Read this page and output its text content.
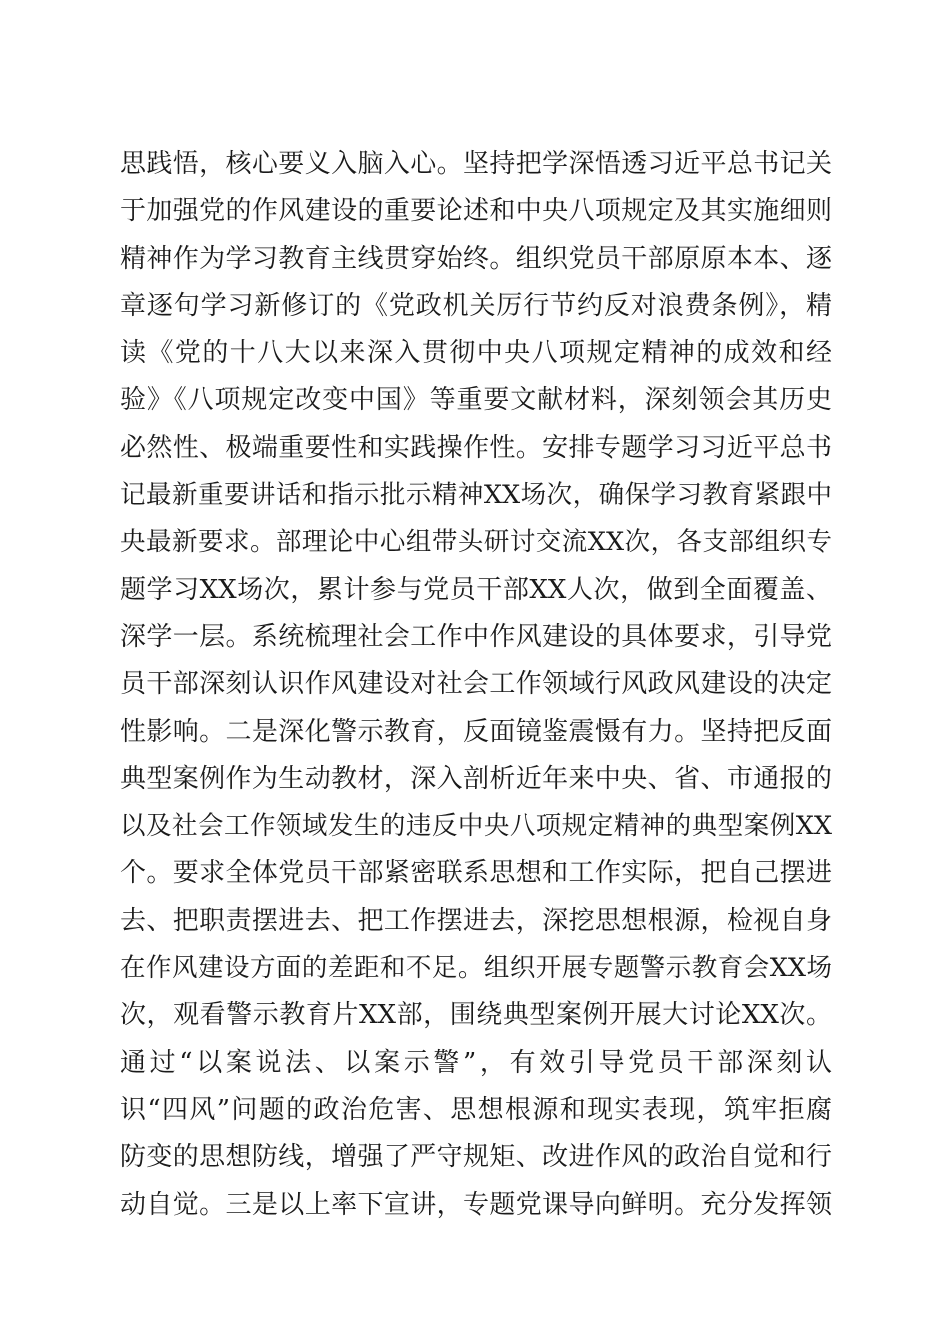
思践悟，核心要义入脑入心。坚持把学深悟透习近平总书记关
于加强党的作风建设的重要论述和中央八项规定及其实施细则
精神作为学习教育主线贯穿始终。组织党员干部原原本本、逐
章逐句学习新修订的《党政机关厉行节约反对浪费条例》，精
读《党的十八大以来深入贯彻中央八项规定精神的成效和经
验》《八项规定改变中国》等重要文献材料，深刻领会其历史
必然性、极端重要性和实践操作性。安排专题学习习近平总书
记最新重要讲话和指示批示精神XX场次，确保学习教育紧跟中
央最新要求。部理论中心组带头研讨交流XX次，各支部组织专
题学习XX场次，累计参与党员干部XX人次，做到全面覆盖、
深学一层。系统梳理社会工作中作风建设的具体要求，引导党
员干部深刻认识作风建设对社会工作领域行风政风建设的决定
性影响。二是深化警示教育，反面镜鉴震慑有力。坚持把反面
典型案例作为生动教材，深入剖析近年来中央、省、市通报的
以及社会工作领域发生的违反中央八项规定精神的典型案例XX
个。要求全体党员干部紧密联系思想和工作实际，把自己摆进
去、把职责摆进去、把工作摆进去，深挖思想根源，检视自身
在作风建设方面的差距和不足。组织开展专题警示教育会XX场
次，观看警示教育片XX部，围绕典型案例开展大讨论XX次。
通过“以案说法、以案示警”，有效引导党员干部深刻认
识“四风”问题的政治危害、思想根源和现实表现，筑牢拒腐
防变的思想防线，增强了严守规矩、改进作风的政治自觉和行
动自觉。三是以上率下宣讲，专题党课导向鲜明。充分发挥领
